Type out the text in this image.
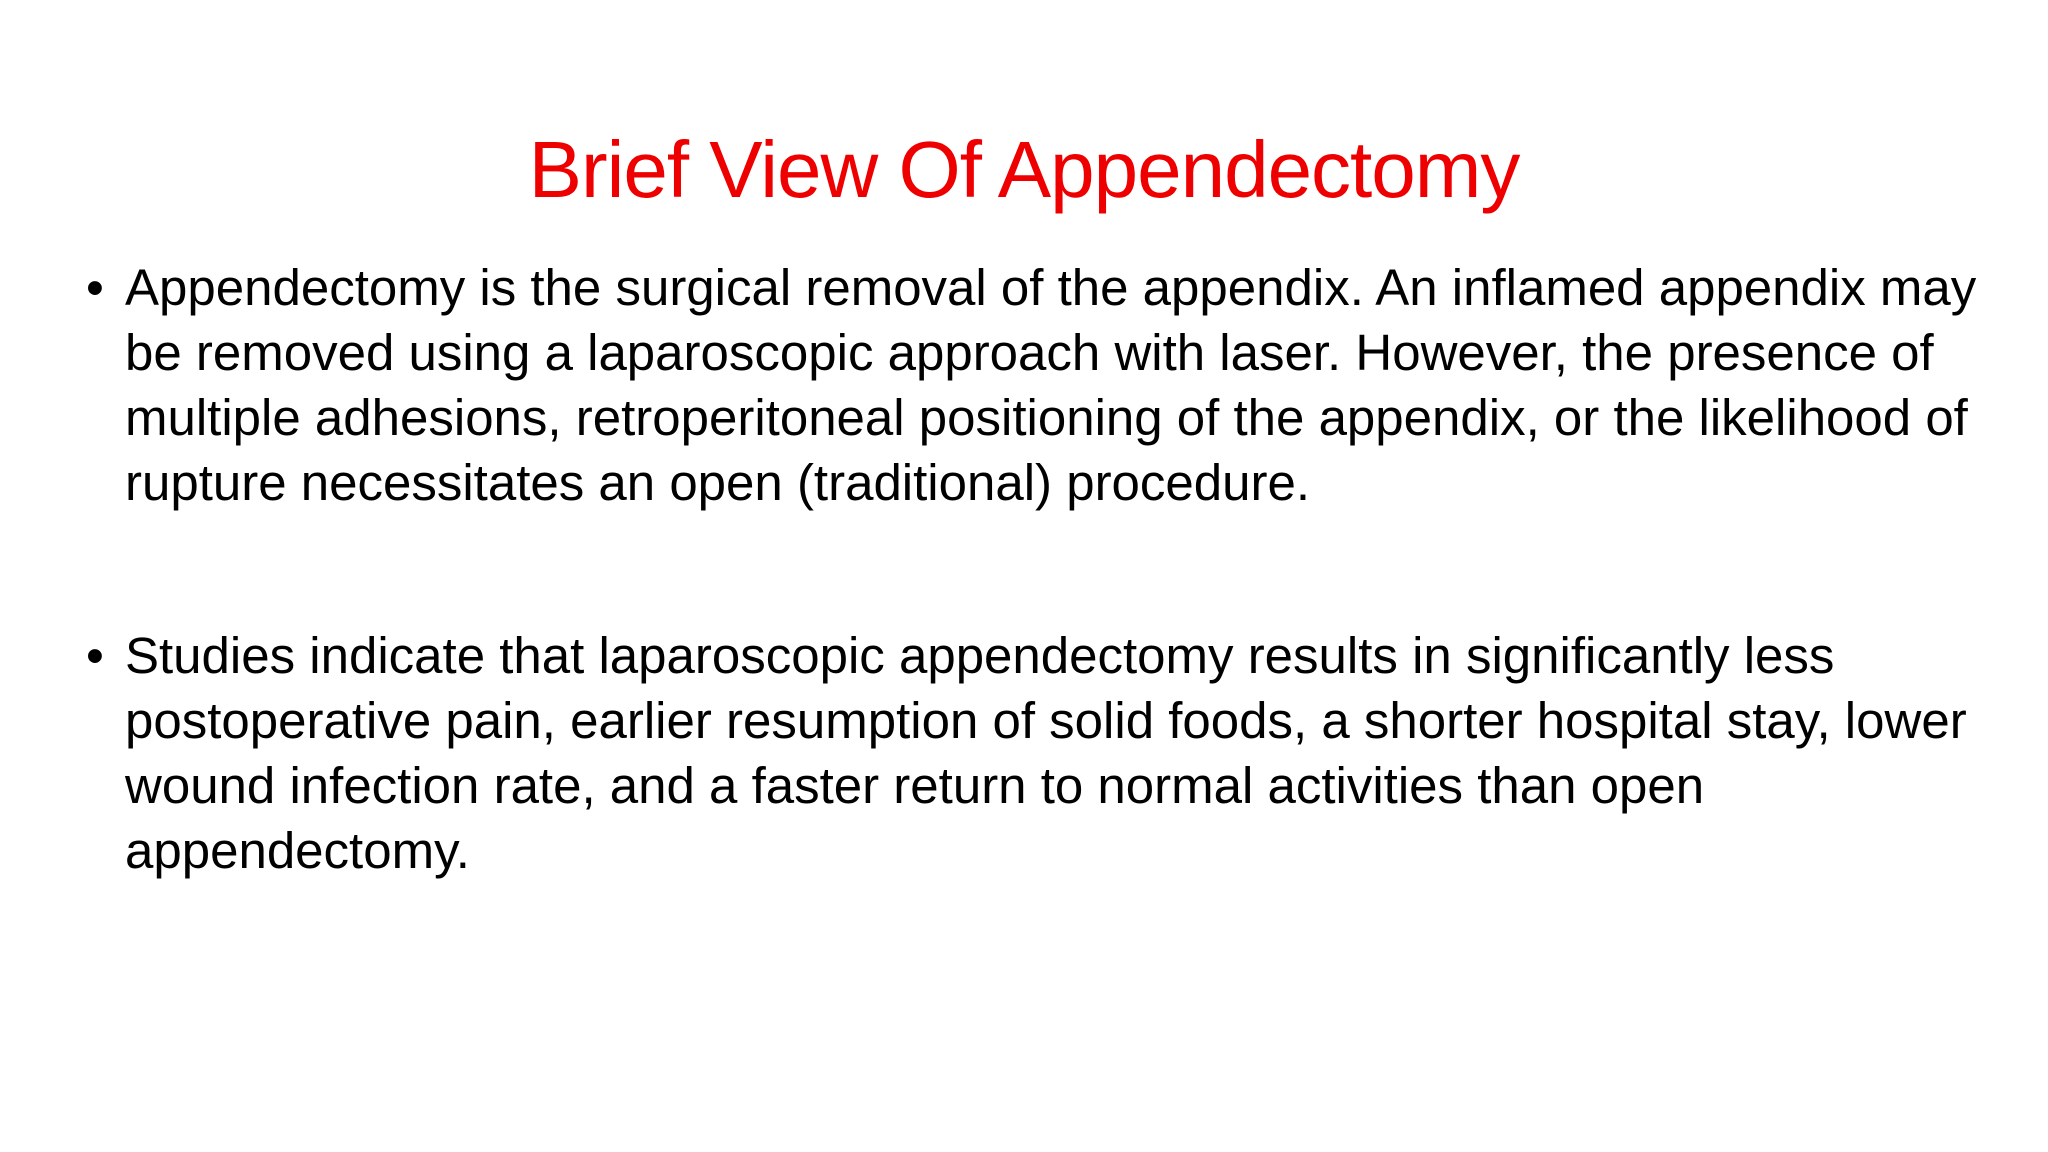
Brief View Of Appendectomy
• Appendectomy is the surgical removal of the appendix. An inflamed appendix may be removed using a laparoscopic approach with laser. However, the presence of multiple adhesions, retroperitoneal positioning of the appendix, or the likelihood of rupture necessitates an open (traditional) procedure.
• Studies indicate that laparoscopic appendectomy results in significantly less postoperative pain, earlier resumption of solid foods, a shorter hospital stay, lower wound infection rate, and a faster return to normal activities than open appendectomy.
